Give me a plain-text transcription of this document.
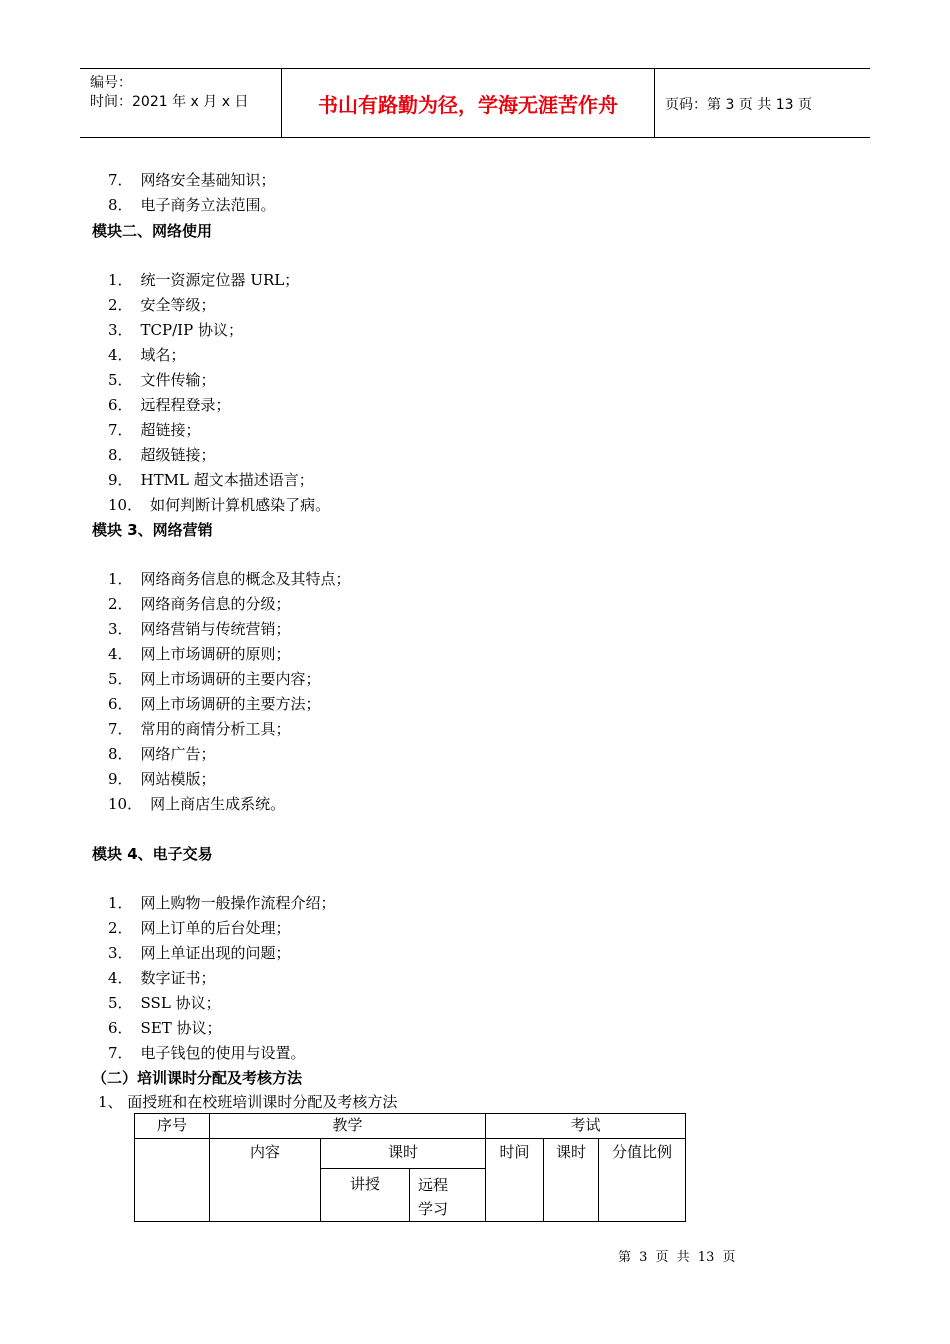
编号：
时间：2021 年 x 月 x 日	书山有路勤为径，学海无涯苦作舟	页码：第 3 页 共 13 页
7． 网络安全基础知识；
8． 电子商务立法范围。
模块二、网络使用
1． 统一资源定位器 URL；
2． 安全等级；
3． TCP/IP 协议；
4． 域名；
5． 文件传输；
6． 远程程登录；
7． 超链接；
8． 超级链接；
9． HTML 超文本描述语言；
10． 如何判断计算机感染了病。
模块 3、网络营销
1． 网络商务信息的概念及其特点；
2． 网络商务信息的分级；
3． 网络营销与传统营销；
4． 网上市场调研的原则；
5． 网上市场调研的主要内容；
6． 网上市场调研的主要方法；
7． 常用的商情分析工具；
8． 网络广告；
9． 网站模版；
10． 网上商店生成系统。
模块 4、电子交易
1． 网上购物一般操作流程介绍；
2． 网上订单的后台处理；
3． 网上单证出现的问题；
4． 数字证书；
5． SSL 协议；
6． SET 协议；
7． 电子钱包的使用与设置。
（二）培训课时分配及考核方法
1、 面授班和在校班培训课时分配及考核方法
序号	教学			考试		
	内容	课时		时间	课时	分值比例
		讲授	远程
学习			
第 3 页 共 13 页
